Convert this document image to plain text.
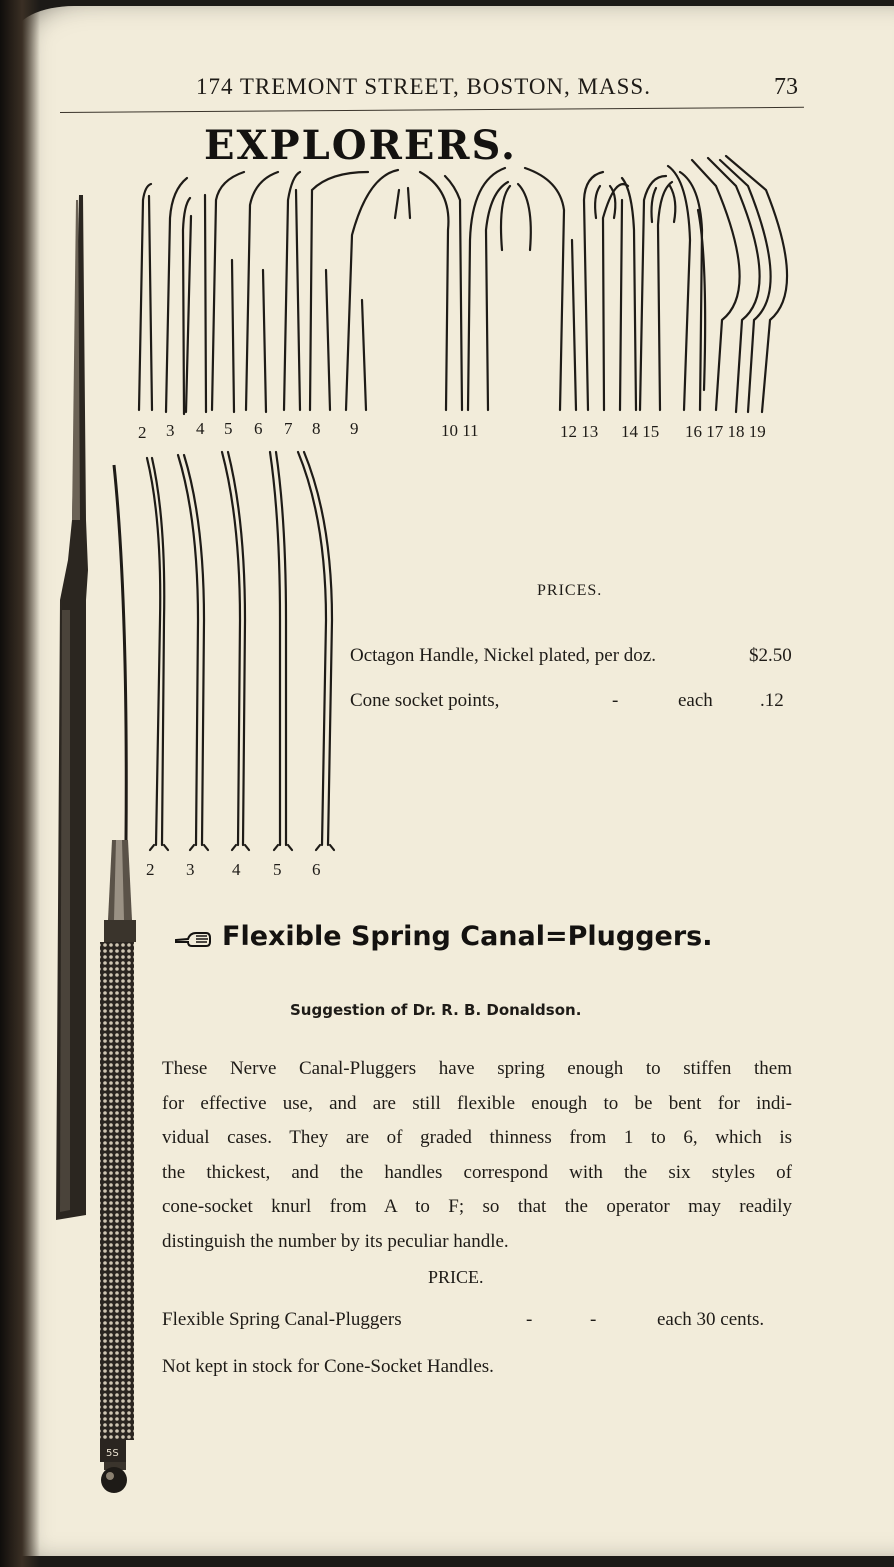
174 TREMONT STREET, BOSTON, MASS.	73
EXPLORERS.
5S
2 3 4 5 6 7 8 9	10 11	12 13 14 15 16 17 18 19
2 3 4 5 6
PRICES.
Octagon Handle, Nickel plated, per doz.	$2.50
Cone socket points,	-	each .12
Flexible Spring Canal=Pluggers.
Suggestion of Dr. R. B. Donaldson.
These Nerve Canal-Pluggers have spring enough to stiffen them
for effective use, and are still flexible enough to be bent for indi-
vidual cases. They are of graded thinness from 1 to 6, which is
the thickest, and the handles correspond with the six styles of
cone-socket knurl from A to F; so that the operator may readily
distinguish the number by its peculiar handle.
PRICE.
Flexible Spring Canal-Pluggers	-	-	each 30 cents.
Not kept in stock for Cone-Socket Handles.
